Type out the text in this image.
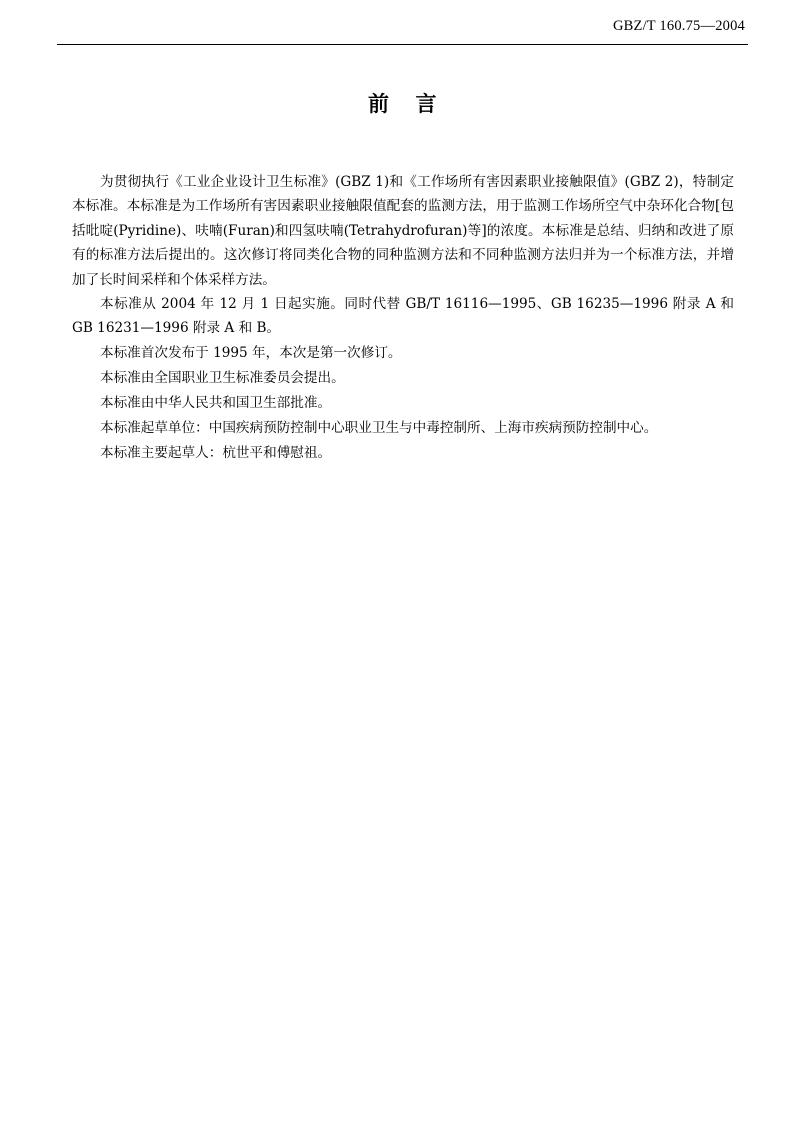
GBZ/T 160.75—2004
前 言

为贯彻执行《工业企业设计卫生标准》(GBZ 1)和《工作场所有害因素职业接触限值》(GBZ 2)，特制定本标准。本标准是为工作场所有害因素职业接触限值配套的监测方法，用于监测工作场所空气中杂环化合物[包括吡啶(Pyridine)、呋喃(Furan)和四氢呋喃(Tetrahydrofuran)等]的浓度。本标准是总结、归纳和改进了原有的标准方法后提出的。这次修订将同类化合物的同种监测方法和不同种监测方法归并为一个标准方法，并增加了长时间采样和个体采样方法。

本标准从 2004 年 12 月 1 日起实施。同时代替 GB/T 16116—1995、GB 16235—1996 附录 A 和 GB 16231—1996 附录 A 和 B。

本标准首次发布于 1995 年，本次是第一次修订。

本标准由全国职业卫生标准委员会提出。

本标准由中华人民共和国卫生部批准。

本标准起草单位：中国疾病预防控制中心职业卫生与中毒控制所、上海市疾病预防控制中心。

本标准主要起草人：杭世平和傅慰祖。
